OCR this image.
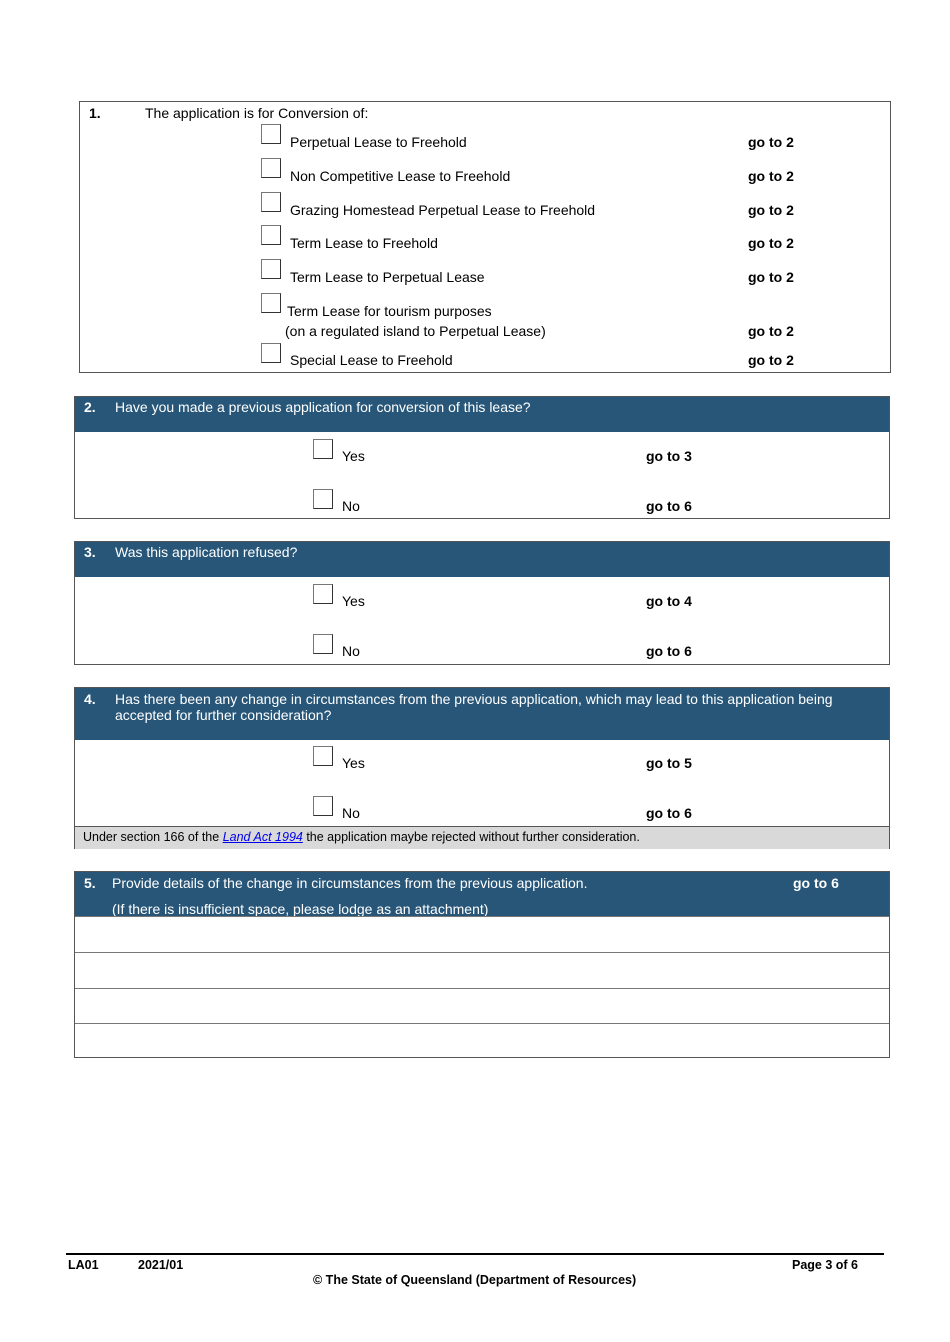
1.	The application is for Conversion of:
Perpetual Lease to Freehold	go to 2
Non Competitive Lease to Freehold	go to 2
Grazing Homestead Perpetual Lease to Freehold	go to 2
Term Lease to Freehold	go to 2
Term Lease to Perpetual Lease	go to 2
Term Lease for tourism purposes
(on a regulated island to Perpetual Lease)	go to 2
Special Lease to Freehold	go to 2
2. Have you made a previous application for conversion of this lease?
Yes	go to 3
No	go to 6
3. Was this application refused?
Yes	go to 4
No	go to 6
4. Has there been any change in circumstances from the previous application, which may lead to this application being
accepted for further consideration?
Yes	go to 5
No	go to 6
Under section 166 of the Land Act 1994 the application maybe rejected without further consideration.
5. Provide details of the change in circumstances from the previous application.	go to 6
(If there is insufficient space, please lodge as an attachment)
LA01	2021/01	Page 3 of 6
© The State of Queensland (Department of Resources)
